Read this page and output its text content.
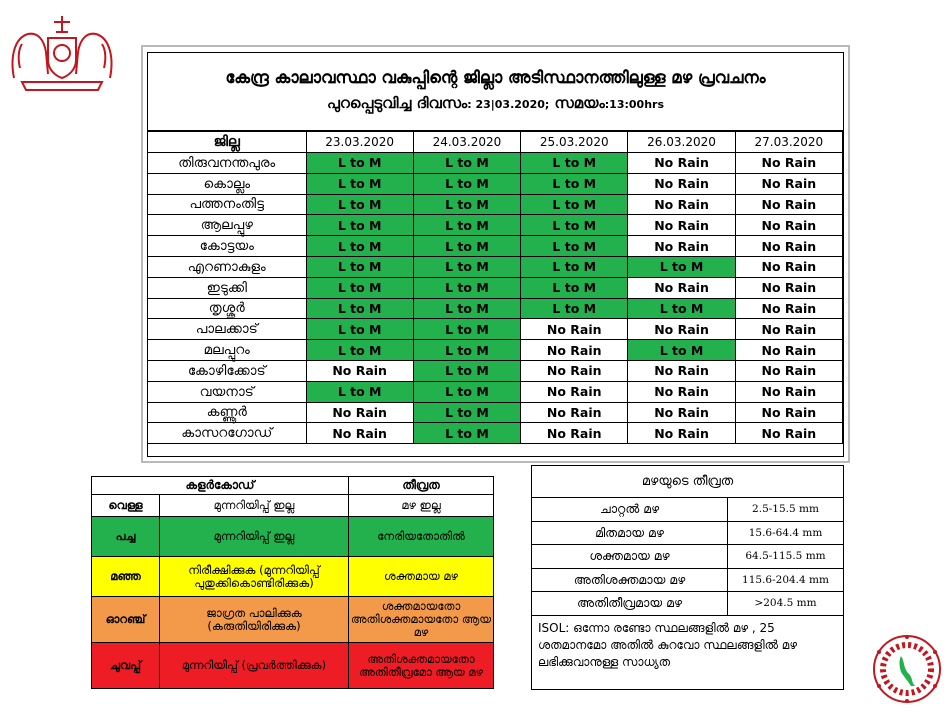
കേന്ദ്ര കാലാവസ്ഥാ വകുപ്പിന്റെ ജില്ലാ അടിസ്ഥാനത്തിലുള്ള മഴ പ്രവചനം
പുറപ്പെടുവിച്ച ദിവസം: 23|03.2020; സമയം:13:00hrs
ജില്ല	23.03.2020	24.03.2020	25.03.2020	26.03.2020	27.03.2020
തിരുവനന്തപുരം	L to M	L to M	L to M	No Rain	No Rain
കൊല്ലം	L to M	L to M	L to M	No Rain	No Rain
പത്തനംതിട്ട	L to M	L to M	L to M	No Rain	No Rain
ആലപ്പുഴ	L to M	L to M	L to M	No Rain	No Rain
കോട്ടയം	L to M	L to M	L to M	No Rain	No Rain
എറണാകുളം	L to M	L to M	L to M	L to M	No Rain
ഇടുക്കി	L to M	L to M	L to M	No Rain	No Rain
തൃശ്ശൂർ	L to M	L to M	L to M	L to M	No Rain
പാലക്കാട്	L to M	L to M	No Rain	No Rain	No Rain
മലപ്പുറം	L to M	L to M	No Rain	L to M	No Rain
കോഴിക്കോട്	No Rain	L to M	No Rain	No Rain	No Rain
വയനാട്	L to M	L to M	No Rain	No Rain	No Rain
കണ്ണൂർ	No Rain	L to M	No Rain	No Rain	No Rain
കാസറഗോഡ്	No Rain	L to M	No Rain	No Rain	No Rain
കളർകോഡ്		തീവ്രത
വെള്ള	മുന്നറിയിപ്പ് ഇല്ല	മഴ ഇല്ല
പച്ച	മുന്നറിയിപ്പ് ഇല്ല	നേരിയതോതിൽ
മഞ്ഞ	നിരീക്ഷിക്കുക (മുന്നറിയിപ്പ് പുതുക്കികൊണ്ടിരിക്കുക)	ശക്തമായ മഴ
ഓറഞ്ച്	ജാഗ്രത പാലിക്കുക (കരുതിയിരിക്കുക)	ശക്തമായതോ അതിശക്തമായതോ ആയ മഴ
ചുവപ്പ്	മുന്നറിയിപ്പ് (പ്രവർത്തിക്കുക)	അതിശക്തമായതോ അതിതീവ്രമോ ആയ മഴ
മഴയുടെ തീവ്രത	
ചാറ്റൽ മഴ	2.5-15.5 mm
മിതമായ മഴ	15.6-64.4 mm
ശക്തമായ മഴ	64.5-115.5 mm
അതിശക്തമായ മഴ	115.6-204.4 mm
അതിതീവ്രമായ മഴ	>204.5 mm
ISOL: ഒന്നോ രണ്ടോ സ്ഥലങ്ങളിൽ മഴ , 25 ശതമാനമോ അതിൽ കുറവോ സ്ഥലങ്ങളിൽ മഴ ലഭിക്കുവാനുള്ള സാധ്യത
